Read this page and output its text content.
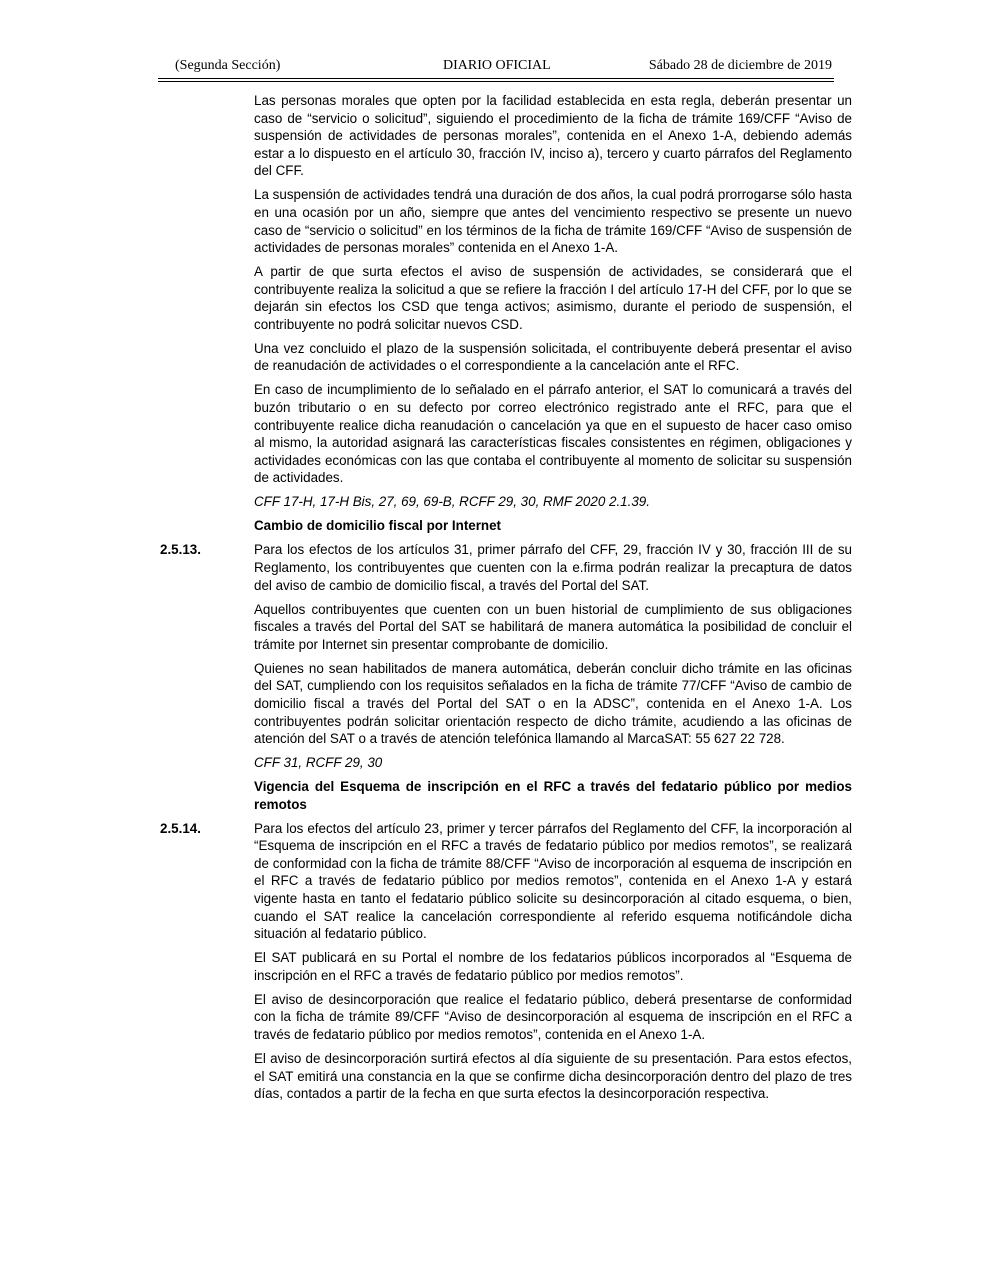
(Segunda Sección)	DIARIO OFICIAL	Sábado 28 de diciembre de 2019

Las personas morales que opten por la facilidad establecida en esta regla, deberán presentar un caso de “servicio o solicitud”, siguiendo el procedimiento de la ficha de trámite 169/CFF “Aviso de suspensión de actividades de personas morales”, contenida en el Anexo 1-A, debiendo además estar a lo dispuesto en el artículo 30, fracción IV, inciso a), tercero y cuarto párrafos del Reglamento del CFF.

La suspensión de actividades tendrá una duración de dos años, la cual podrá prorrogarse sólo hasta en una ocasión por un año, siempre que antes del vencimiento respectivo se presente un nuevo caso de “servicio o solicitud” en los términos de la ficha de trámite 169/CFF “Aviso de suspensión de actividades de personas morales” contenida en el Anexo 1-A.

A partir de que surta efectos el aviso de suspensión de actividades, se considerará que el contribuyente realiza la solicitud a que se refiere la fracción I del artículo 17-H del CFF, por lo que se dejarán sin efectos los CSD que tenga activos; asimismo, durante el periodo de suspensión, el contribuyente no podrá solicitar nuevos CSD.

Una vez concluido el plazo de la suspensión solicitada, el contribuyente deberá presentar el aviso de reanudación de actividades o el correspondiente a la cancelación ante el RFC.

En caso de incumplimiento de lo señalado en el párrafo anterior, el SAT lo comunicará a través del buzón tributario o en su defecto por correo electrónico registrado ante el RFC, para que el contribuyente realice dicha reanudación o cancelación ya que en el supuesto de hacer caso omiso al mismo, la autoridad asignará las características fiscales consistentes en régimen, obligaciones y actividades económicas con las que contaba el contribuyente al momento de solicitar su suspensión de actividades.

CFF 17-H, 17-H Bis, 27, 69, 69-B, RCFF 29, 30, RMF 2020 2.1.39.

Cambio de domicilio fiscal por Internet

2.5.13.	Para los efectos de los artículos 31, primer párrafo del CFF, 29, fracción IV y 30, fracción III de su Reglamento, los contribuyentes que cuenten con la e.firma podrán realizar la precaptura de datos del aviso de cambio de domicilio fiscal, a través del Portal del SAT.

Aquellos contribuyentes que cuenten con un buen historial de cumplimiento de sus obligaciones fiscales a través del Portal del SAT se habilitará de manera automática la posibilidad de concluir el trámite por Internet sin presentar comprobante de domicilio.

Quienes no sean habilitados de manera automática, deberán concluir dicho trámite en las oficinas del SAT, cumpliendo con los requisitos señalados en la ficha de trámite 77/CFF “Aviso de cambio de domicilio fiscal a través del Portal del SAT o en la ADSC”, contenida en el Anexo 1-A. Los contribuyentes podrán solicitar orientación respecto de dicho trámite, acudiendo a las oficinas de atención del SAT o a través de atención telefónica llamando al MarcaSAT: 55 627 22 728.

CFF 31, RCFF 29, 30

Vigencia del Esquema de inscripción en el RFC a través del fedatario público por medios remotos

2.5.14.	Para los efectos del artículo 23, primer y tercer párrafos del Reglamento del CFF, la incorporación al “Esquema de inscripción en el RFC a través de fedatario público por medios remotos”, se realizará de conformidad con la ficha de trámite 88/CFF “Aviso de incorporación al esquema de inscripción en el RFC a través de fedatario público por medios remotos”, contenida en el Anexo 1-A y estará vigente hasta en tanto el fedatario público solicite su desincorporación al citado esquema, o bien, cuando el SAT realice la cancelación correspondiente al referido esquema notificándole dicha situación al fedatario público.

El SAT publicará en su Portal el nombre de los fedatarios públicos incorporados al “Esquema de inscripción en el RFC a través de fedatario público por medios remotos”.

El aviso de desincorporación que realice el fedatario público, deberá presentarse de conformidad con la ficha de trámite 89/CFF “Aviso de desincorporación al esquema de inscripción en el RFC a través de fedatario público por medios remotos”, contenida en el Anexo 1-A.

El aviso de desincorporación surtirá efectos al día siguiente de su presentación. Para estos efectos, el SAT emitirá una constancia en la que se confirme dicha desincorporación dentro del plazo de tres días, contados a partir de la fecha en que surta efectos la desincorporación respectiva.
